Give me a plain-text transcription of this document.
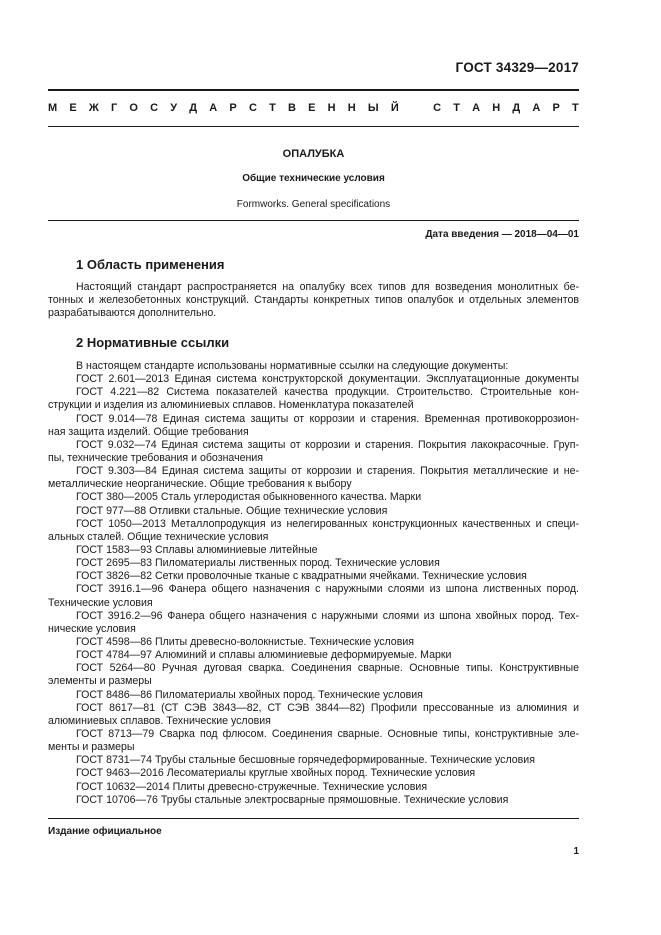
ГОСТ 34329—2017
М Е Ж Г О С У Д А Р С Т В Е Н Н Ы Й	С Т А Н Д А Р Т
ОПАЛУБКА
Общие технические условия
Formworks. General specifications
Дата введения — 2018—04—01
1 Область применения
Настоящий стандарт распространяется на опалубку всех типов для возведения монолитных бе-
тонных и железобетонных конструкций. Стандарты конкретных типов опалубок и отдельных элементов
разрабатываются дополнительно.
2 Нормативные ссылки
В настоящем стандарте использованы нормативные ссылки на следующие документы:
ГОСТ 2.601—2013 Единая система конструкторской документации. Эксплуатационные документы
ГОСТ 4.221—82 Система показателей качества продукции. Строительство. Строительные кон-
струкции и изделия из алюминиевых сплавов. Номенклатура показателей
ГОСТ 9.014—78 Единая система защиты от коррозии и старения. Временная противокоррозион-
ная защита изделий. Общие требования
ГОСТ 9.032—74 Единая система защиты от коррозии и старения. Покрытия лакокрасочные. Груп-
пы, технические требования и обозначения
ГОСТ 9.303—84 Единая система защиты от коррозии и старения. Покрытия металлические и не-
металлические неорганические. Общие требования к выбору
ГОСТ 380—2005 Сталь углеродистая обыкновенного качества. Марки
ГОСТ 977—88 Отливки стальные. Общие технические условия
ГОСТ 1050—2013 Металлопродукция из нелегированных конструкционных качественных и специ-
альных сталей. Общие технические условия
ГОСТ 1583—93 Сплавы алюминиевые литейные
ГОСТ 2695—83 Пиломатериалы лиственных пород. Технические условия
ГОСТ 3826—82 Сетки проволочные тканые с квадратными ячейками. Технические условия
ГОСТ 3916.1—96 Фанера общего назначения с наружными слоями из шпона лиственных пород.
Технические условия
ГОСТ 3916.2—96 Фанера общего назначения с наружными слоями из шпона хвойных пород. Тех-
нические условия
ГОСТ 4598—86 Плиты древесно-волокнистые. Технические условия
ГОСТ 4784—97 Алюминий и сплавы алюминиевые деформируемые. Марки
ГОСТ 5264—80 Ручная дуговая сварка. Соединения сварные. Основные типы. Конструктивные
элементы и размеры
ГОСТ 8486—86 Пиломатериалы хвойных пород. Технические условия
ГОСТ 8617—81 (СТ СЭВ 3843—82, СТ СЭВ 3844—82) Профили прессованные из алюминия и
алюминиевых сплавов. Технические условия
ГОСТ 8713—79 Сварка под флюсом. Соединения сварные. Основные типы, конструктивные эле-
менты и размеры
ГОСТ 8731—74 Трубы стальные бесшовные горячедеформированные. Технические условия
ГОСТ 9463—2016 Лесоматериалы круглые хвойных пород. Технические условия
ГОСТ 10632—2014 Плиты древесно-стружечные. Технические условия
ГОСТ 10706—76 Трубы стальные электросварные прямошовные. Технические условия
Издание официальное
1
